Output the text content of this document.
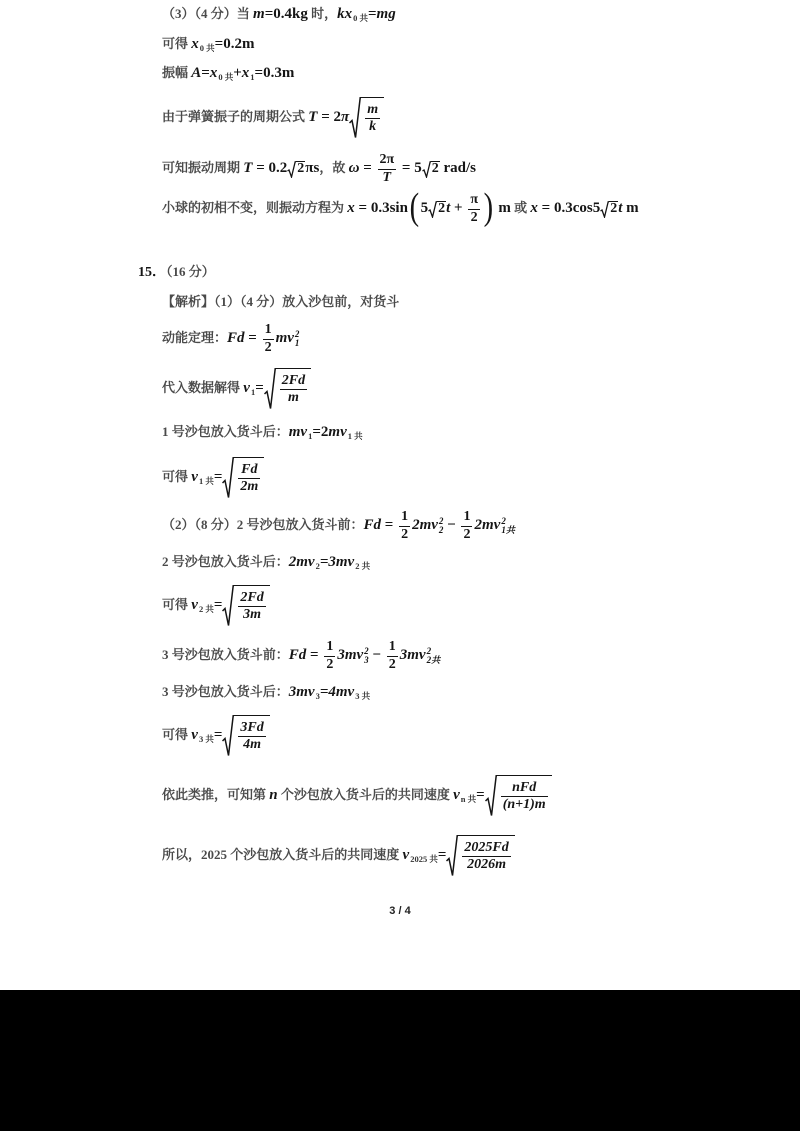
（3）（4 分）当 m=0.4kg 时，$kx_{0 共}=mg$
可得 $x_{0 共}=0.2m$
振幅 $A=x_{0 共}+x_1=0.3m$
由于弹簧振子的周期公式 $T = 2\pi \frac{m}{k}$
可知振动周期 T = 0.2 2 πs，故 $\omega = \frac{2\pi}{T} = 5$ 2 rad/s
小球的初相不变，则振动方程为 x = 0.3sin( 5 2 $t + \frac{\pi}{2}$ ) m 或 x = 0.3cos5 2 t m
15．（16 分）
【解析】（1）（4 分）放入沙包前，对货斗
动能定理：$Fd = \frac{1}{2}$ mv 2
1
代入数据解得 $v_1= \frac{2Fd}{m}$
1 号沙包放入货斗后：$mv_1=2mv_{1 共}$
可得 $v_{1 共}= \frac{Fd}{2m}$
（2）（8 分）2 号沙包放入货斗前：$Fd = \frac{1}{2} 2mv$ 2
$2 - \frac{1}{2} 2mv$ 2
1共
2 号沙包放入货斗后：$2mv_2=3mv_{2 共}$
可得 $v_{2 共}= \frac{2Fd}{3m}$
3 号沙包放入货斗前：$Fd = \frac{1}{2} 3mv$ 2
$3 - \frac{1}{2} 3mv$ 2
2共
3 号沙包放入货斗后：$3mv_3=4mv_{3 共}$
可得 $v_{3 共}= \frac{3Fd}{4m}$
依此类推，可知第 n 个沙包放入货斗后的共同速度 $v_{n 共}= \frac{\text{nFd}}{(n+1)m}$
所以，2025 个沙包放入货斗后的共同速度 $v_{2025 共}= \frac{2025Fd}{2026m}$
3 / 4
